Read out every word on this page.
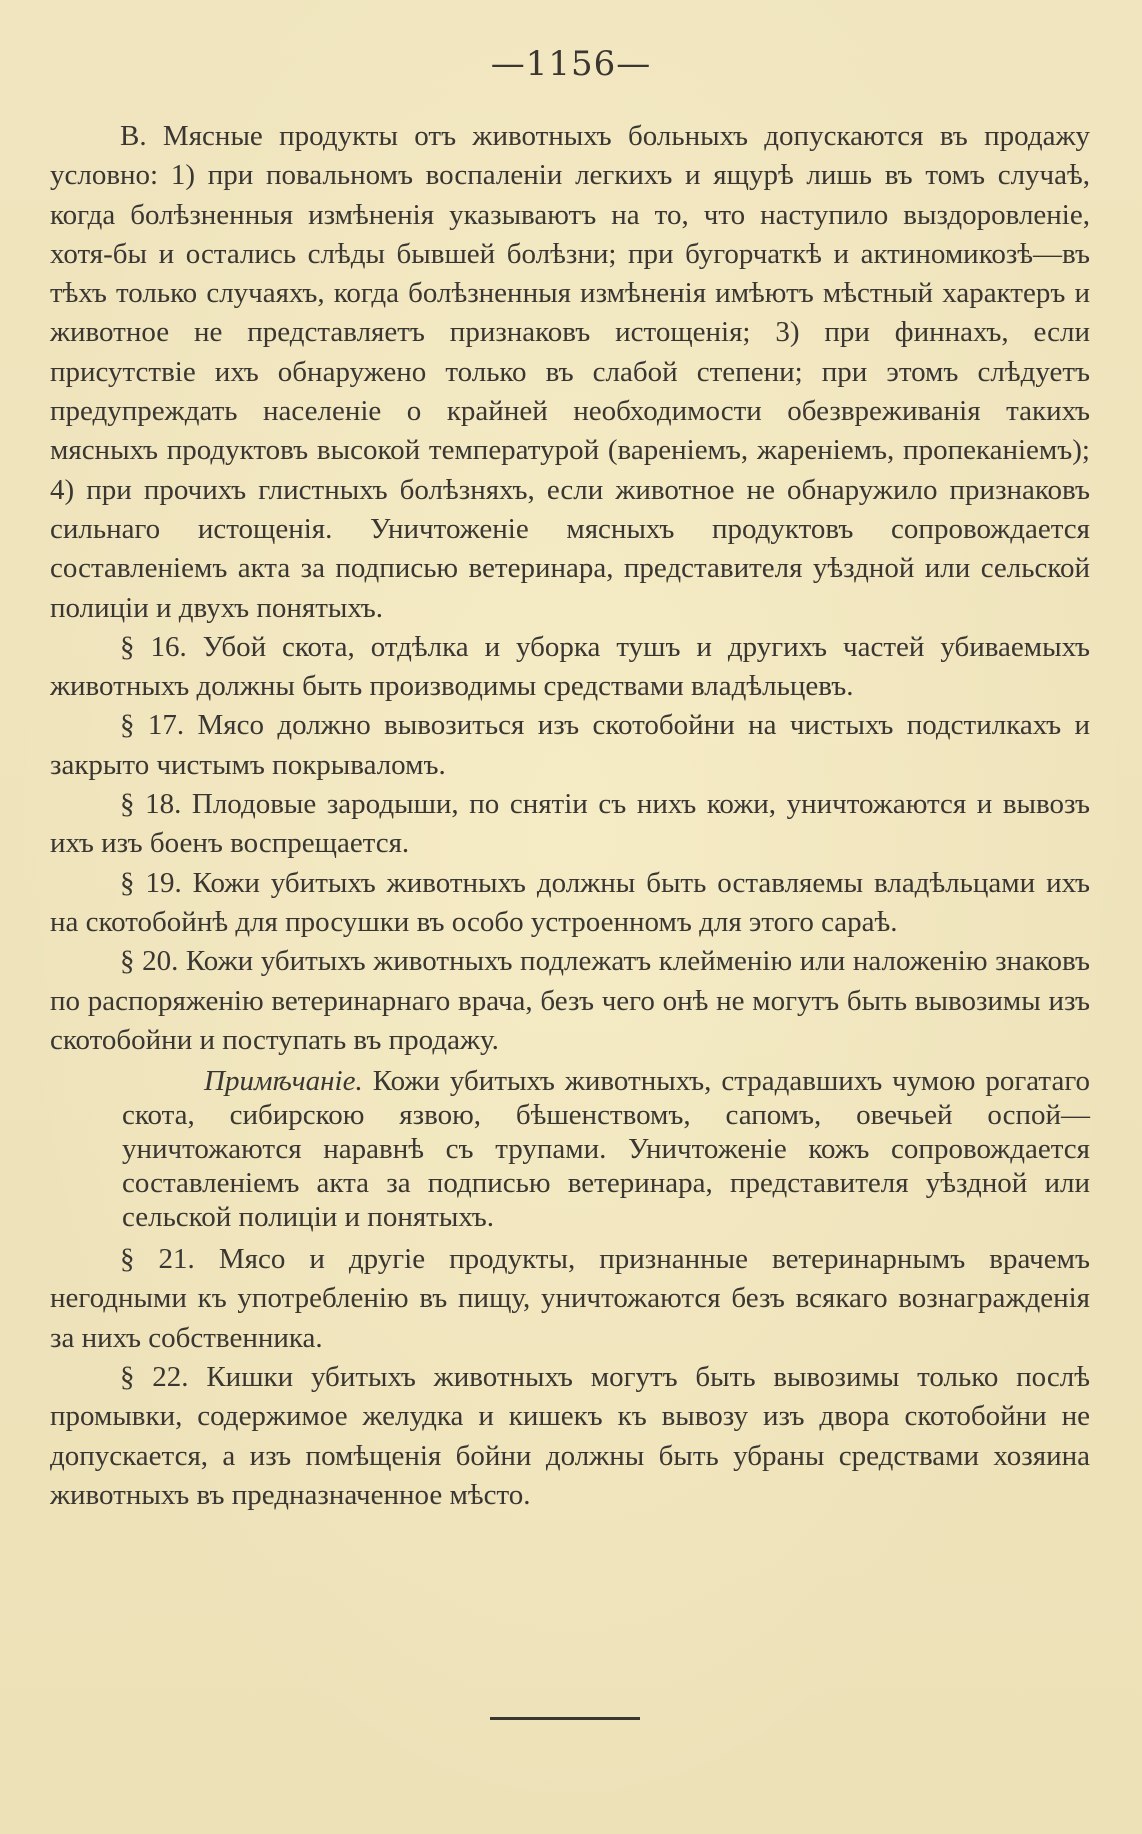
—1156—

В. Мясные продукты отъ животныхъ больныхъ допускаются въ продажу условно: 1) при повальномъ воспаленіи легкихъ и ящурѣ лишь въ томъ случаѣ, когда болѣзненныя измѣненія указываютъ на то, что наступило выздоровленіе, хотя-бы и остались слѣды бывшей болѣзни; при бугорчаткѣ и актиномикозѣ—въ тѣхъ только случаяхъ, когда болѣзненныя измѣненія имѣютъ мѣстный характеръ и животное не представляетъ признаковъ истощенія; 3) при финнахъ, если присутствіе ихъ обнаружено только въ слабой степени; при этомъ слѣдуетъ предупреждать населеніе о крайней необходимости обезвреживанія такихъ мясныхъ продуктовъ высокой температурой (вареніемъ, жареніемъ, пропеканіемъ); 4) при прочихъ глистныхъ болѣзняхъ, если животное не обнаружило признаковъ сильнаго истощенія. Уничтоженіе мясныхъ продуктовъ сопровождается составленіемъ акта за подписью ветеринара, представителя уѣздной или сельской полиціи и двухъ понятыхъ.

§ 16. Убой скота, отдѣлка и уборка тушъ и другихъ частей убиваемыхъ животныхъ должны быть производимы средствами владѣльцевъ.

§ 17. Мясо должно вывозиться изъ скотобойни на чистыхъ подстилкахъ и закрыто чистымъ покрываломъ.

§ 18. Плодовые зародыши, по снятіи съ нихъ кожи, уничтожаются и вывозъ ихъ изъ боенъ воспрещается.

§ 19. Кожи убитыхъ животныхъ должны быть оставляемы владѣльцами ихъ на скотобойнѣ для просушки въ особо устроенномъ для этого сараѣ.

§ 20. Кожи убитыхъ животныхъ подлежатъ клейменію или наложенію знаковъ по распоряженію ветеринарнаго врача, безъ чего онѣ не могутъ быть вывозимы изъ скотобойни и поступать въ продажу.

Примѣчаніе. Кожи убитыхъ животныхъ, страдавшихъ чумою рогатаго скота, сибирскою язвою, бѣшенствомъ, сапомъ, овечьей оспой—уничтожаются наравнѣ съ трупами. Уничтоженіе кожъ сопровождается составленіемъ акта за подписью ветеринара, представителя уѣздной или сельской полиціи и понятыхъ.

§ 21. Мясо и другіе продукты, признанные ветеринарнымъ врачемъ негодными къ употребленію въ пищу, уничтожаются безъ всякаго вознагражденія за нихъ собственника.

§ 22. Кишки убитыхъ животныхъ могутъ быть вывозимы только послѣ промывки, содержимое желудка и кишекъ къ вывозу изъ двора скотобойни не допускается, а изъ помѣщенія бойни должны быть убраны средствами хозяина животныхъ въ предназначенное мѣсто.
